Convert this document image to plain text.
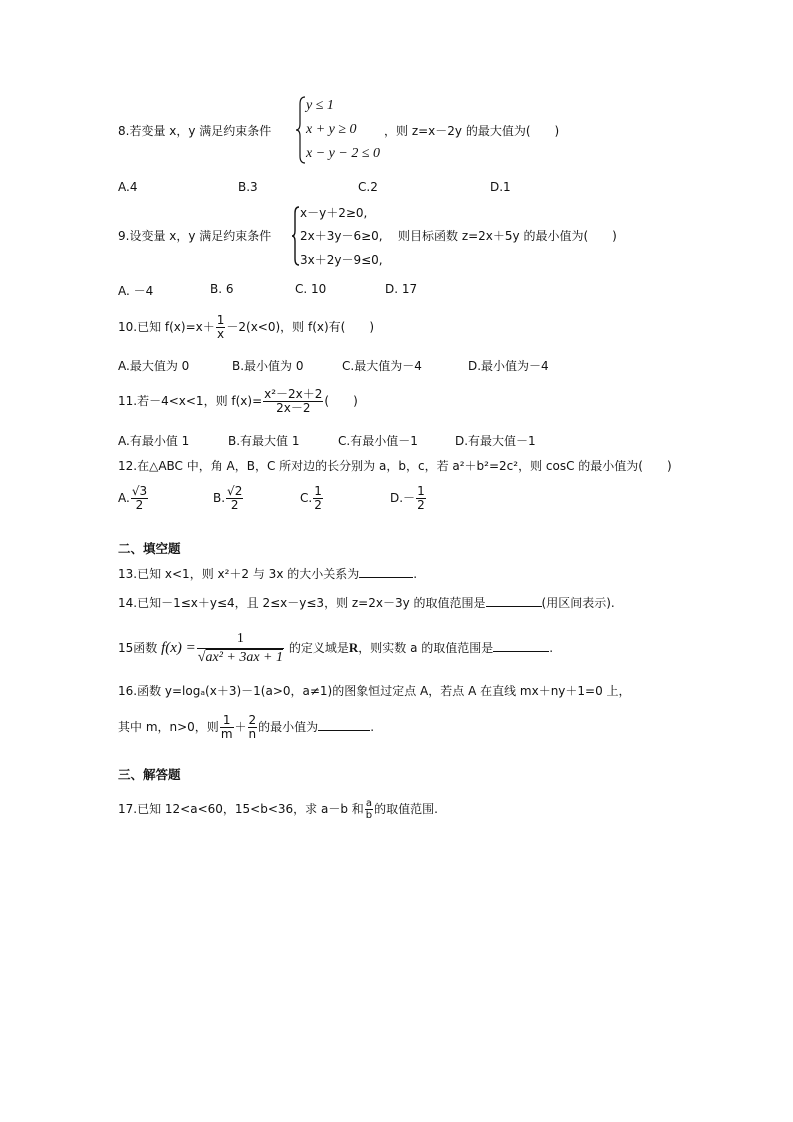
8.若变量 x，y 满足约束条件
y ≤ 1
x + y ≥ 0
x − y − 2 ≤ 0
，则 z=x－2y 的最大值为(　　)
A.4	B.3	C.2	D.1
9.设变量 x，y 满足约束条件
x－y＋2≥0,
2x＋3y－6≥0,
3x＋2y－9≤0,
则目标函数 z=2x＋5y 的最小值为(　　)
A. －4	B. 6	C. 10	D. 17
10.已知 $f(x)=x+ \frac{1}{x} -2(x<0)$，则 f(x)有(　　)
A.最大值为 0	B.最小值为 0	C.最大值为－4	D.最小值为－4
11.若－4<x<1，则 $f(x)= \frac{\text{x²－2x＋2}}{2x-2}$ (　　)
A.有最小值 1	B.有最大值 1	C.有最小值－1	D.有最大值－1
12.在△ABC 中，角 A，B，C 所对边的长分别为 a，b，c，若 a²＋b²=2c²，则 cosC 的最小值为(　　)
A. $\frac{√3}{2}$	B. $\frac{√2}{2}$	C. $\frac{1}{2}$	$D.- \frac{1}{2}$
二、填空题
13.已知 x<1，则 x²＋2 与 3x 的大小关系为	.
14.已知－1≤x＋y≤4，且 2≤x－y≤3，则 z=2x－3y 的取值范围是	(用区间表示).
15函数 $f(x) = \frac{1}{\text{√ax² + 3ax + 1}}$ 的定义域是R，则实数 a 的取值范围是	.
16.函数 y=logₐ(x＋3)－1(a>0，a≠1)的图象恒过定点 A，若点 A 在直线 mx＋ny＋1=0 上，
其中 m，n>0，则 $\frac{1}{m} + \frac{2}{n}$ 的最小值为	.
三、解答题
17.已知 12<a<60，15<b<36，求 a－b 和 $\frac{a}{b}$ 的取值范围.
